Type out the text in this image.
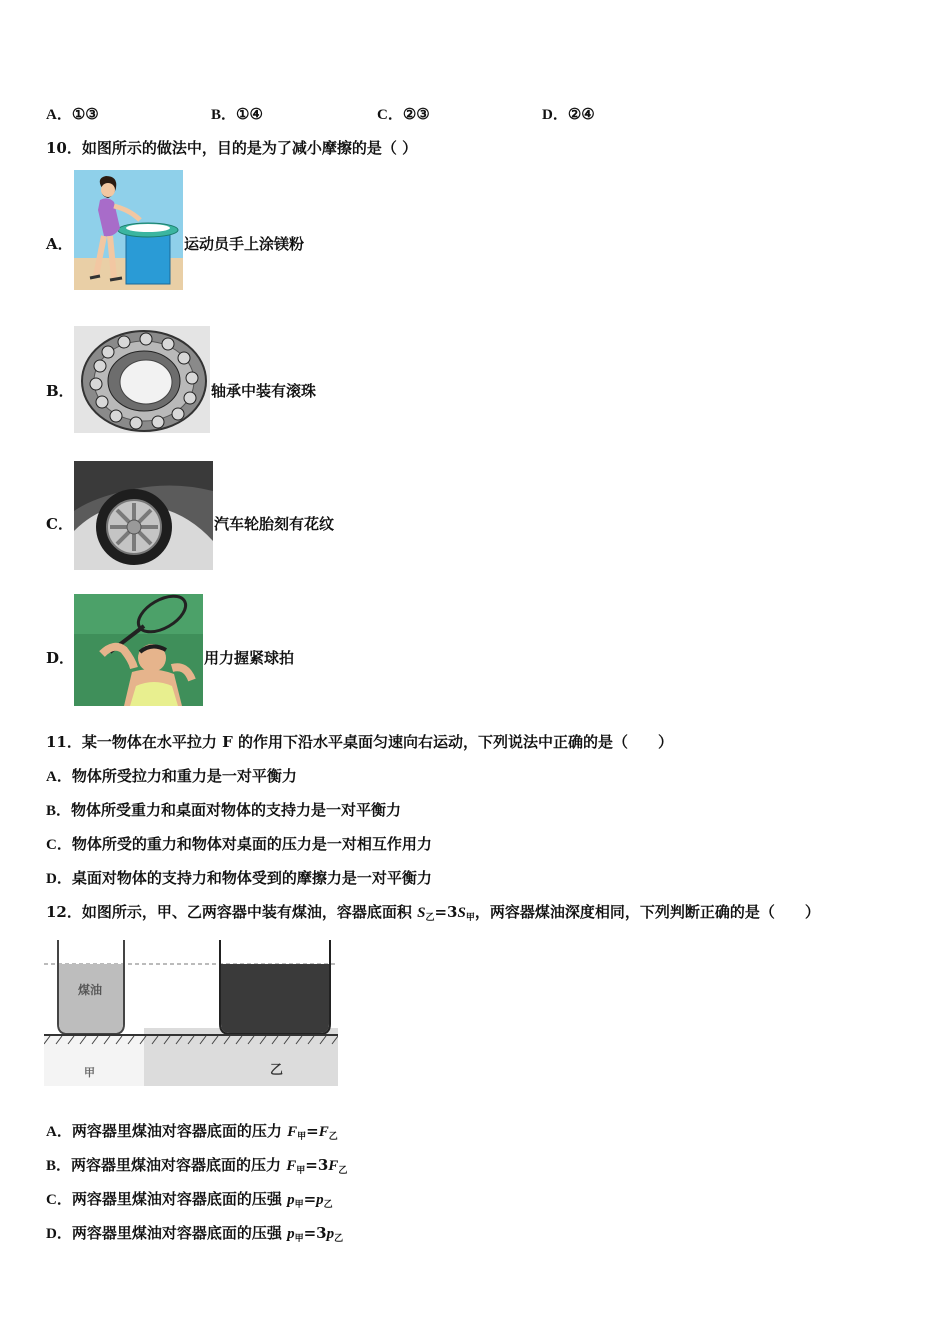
A．①③	B．①④	C．②③	D．②④
10．如图所示的做法中，目的是为了减小摩擦的是（ ）
A．	运动员手上涂镁粉
B．	轴承中装有滚珠
C．	汽车轮胎刻有花纹
D．	用力握紧球拍
11．某一物体在水平拉力 F 的作用下沿水平桌面匀速向右运动，下列说法中正确的是（　　）
A．物体所受拉力和重力是一对平衡力
B．物体所受重力和桌面对物体的支持力是一对平衡力
C．物体所受的重力和物体对桌面的压力是一对相互作用力
D．桌面对物体的支持力和物体受到的摩擦力是一对平衡力
12．如图所示，甲、乙两容器中装有煤油，容器底面积 $S_乙=3S_甲$，两容器煤油深度相同，下列判断正确的是（　　）
煤油
甲	乙
A．两容器里煤油对容器底面的压力 $F_甲=F_乙$
B．两容器里煤油对容器底面的压力 $F_甲=3F_乙$
C．两容器里煤油对容器底面的压强 $p_甲=p_乙$
D．两容器里煤油对容器底面的压强 $p_甲=3p_乙$
